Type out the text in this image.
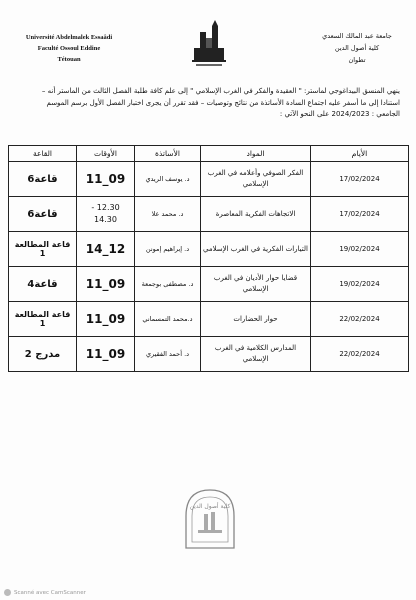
Université Abdelmalek Essaâdi
Faculté Ossoul Eddine
Tétouan
جامعة عبد المالك السعدي
كلية أصول الدين
تطوان
ينهي المنسق البيداغوجي لماستر: " العقيدة والفكر في الغرب الإسلامي " إلى علم كافة طلبة الفصل الثالث من الماستر أنه –
استنادا إلى ما أسفر عليه اجتماع السادة الأساتذة من نتائج وتوصيات – فقد تقرر أن يجرى اختبار الفصل الأول برسم الموسم
الجامعي : 2024/2023 على النحو الآتي :
الأيام	المواد	الأساتذة	الأوقات	القاعة
17/02/2024	الفكر الصوفي وأعلامه في الغرب الإسلامي	د. يوسف الريدي	09_11	قاعة6
17/02/2024	الاتجاهات الفكرية المعاصرة	د. محمد علا	12.30 -
14.30	قاعة6
19/02/2024	التيارات الفكرية في الغرب الإسلامي	د. إبراهيم إمونن	12_14	قاعة المطالعة 1
19/02/2024	قضايا حوار الأديان في الغرب الإسلامي	د. مصطفى بوجمعة	09_11	قاعة4
22/02/2024	حوار الحضارات	د.محمد التمسماني	09_11	قاعة المطالعة 1
22/02/2024	المدارس الكلامية في الغرب الإسلامي	د. أحمد الفقيري	09_11	مدرج 2
كلية أصول الدين
Scanné avec CamScanner
